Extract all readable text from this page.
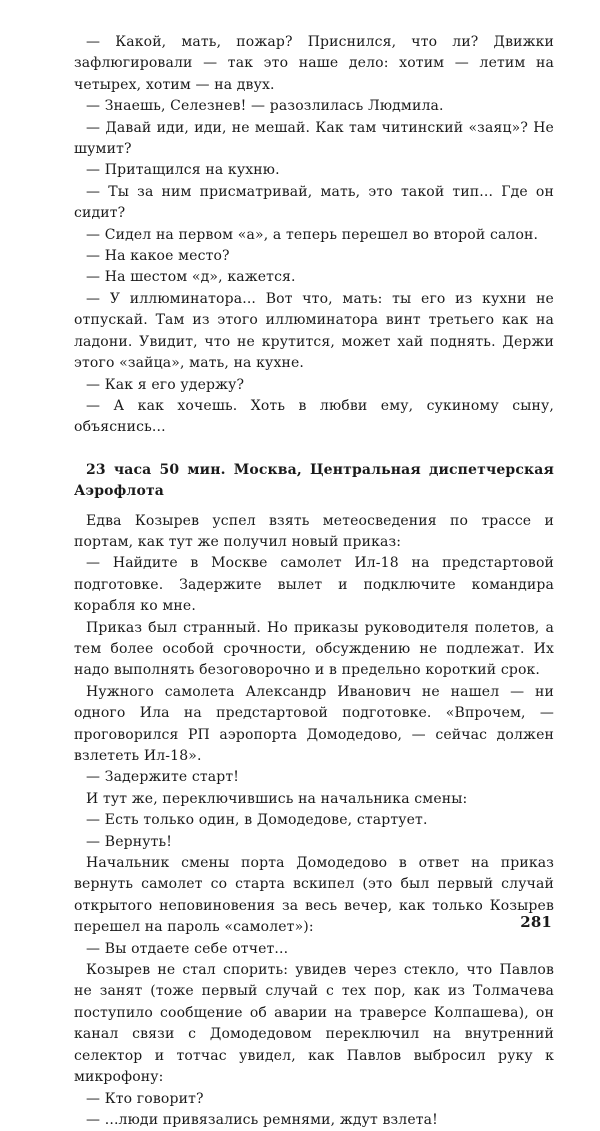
— Какой, мать, пожар? Приснился, что ли? Движки зафлюгировали — так это наше дело: хотим — летим на четырех, хотим — на двух.

— Знаешь, Селезнев! — разозлилась Людмила.

— Давай иди, иди, не мешай. Как там читинский «заяц»? Не шумит?

— Притащился на кухню.

— Ты за ним присматривай, мать, это такой тип... Где он сидит?

— Сидел на первом «а», а теперь перешел во второй салон.

— На какое место?

— На шестом «д», кажется.

— У иллюминатора... Вот что, мать: ты его из кухни не отпускай. Там из этого иллюминатора винт третьего как на ладони. Увидит, что не крутится, может хай поднять. Держи этого «зайца», мать, на кухне.

— Как я его удержу?

— А как хочешь. Хоть в любви ему, сукиному сыну, объяснись...

23 часа 50 мин. Москва, Центральная диспетчерская Аэрофлота

Едва Козырев успел взять метеосведения по трассе и портам, как тут же получил новый приказ:

— Найдите в Москве самолет Ил-18 на предстартовой подготовке. Задержите вылет и подключите командира корабля ко мне.

Приказ был странный. Но приказы руководителя полетов, а тем более особой срочности, обсуждению не подлежат. Их надо выполнять безоговорочно и в предельно короткий срок.

Нужного самолета Александр Иванович не нашел — ни одного Ила на предстартовой подготовке. «Впрочем, — проговорился РП аэропорта Домодедово, — сейчас должен взлететь Ил-18».

— Задержите старт!

И тут же, переключившись на начальника смены:

— Есть только один, в Домодедове, стартует.

— Вернуть!

Начальник смены порта Домодедово в ответ на приказ вернуть самолет со старта вскипел (это был первый случай открытого неповиновения за весь вечер, как только Козырев перешел на пароль «самолет»):

— Вы отдаете себе отчет...

Козырев не стал спорить: увидев через стекло, что Павлов не занят (тоже первый случай с тех пор, как из Толмачева поступило сообщение об аварии на траверсе Колпашева), он канал связи с Домодедовом переключил на внутренний селектор и тотчас увидел, как Павлов выбросил руку к микрофону:

— Кто говорит?

— ...люди привязались ремнями, ждут взлета!

281
